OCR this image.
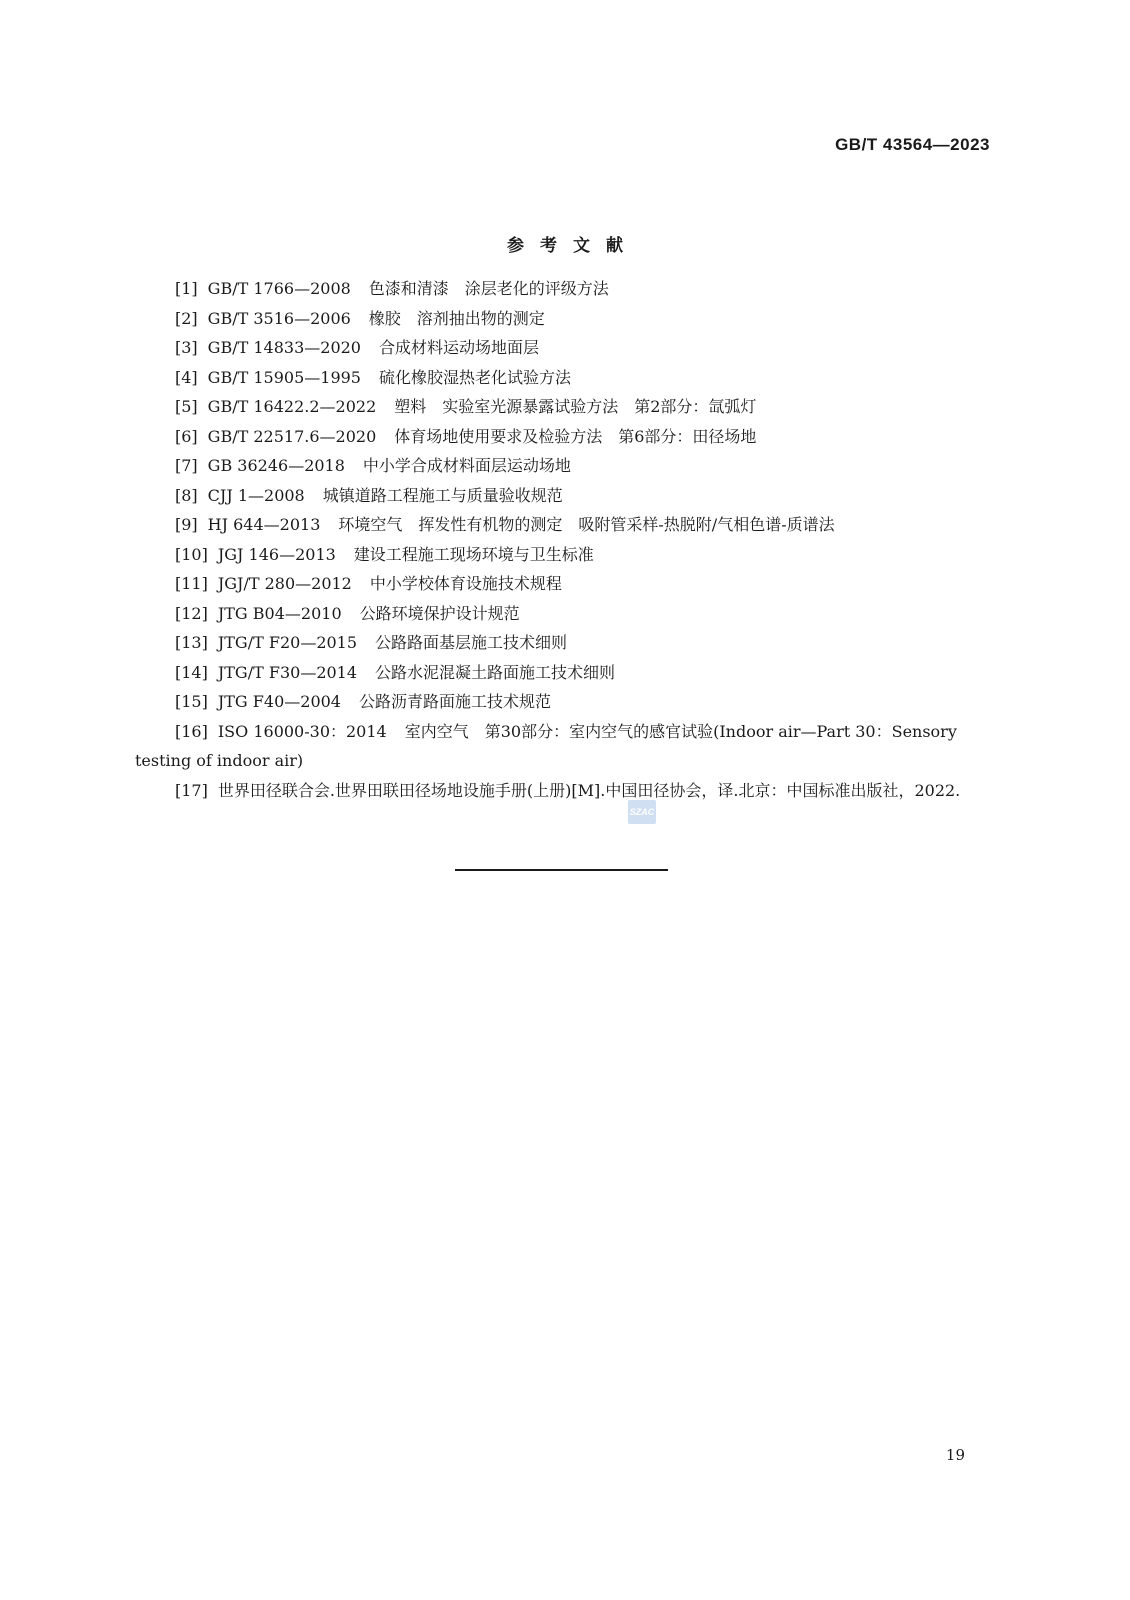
GB/T 43564—2023
参考文献
[1] GB/T 1766—2008 色漆和清漆　涂层老化的评级方法
[2] GB/T 3516—2006 橡胶　溶剂抽出物的测定
[3] GB/T 14833—2020 合成材料运动场地面层
[4] GB/T 15905—1995 硫化橡胶湿热老化试验方法
[5] GB/T 16422.2—2022 塑料　实验室光源暴露试验方法　第2部分：氙弧灯
[6] GB/T 22517.6—2020 体育场地使用要求及检验方法　第6部分：田径场地
[7] GB 36246—2018 中小学合成材料面层运动场地
[8] CJJ 1—2008 城镇道路工程施工与质量验收规范
[9] HJ 644—2013 环境空气　挥发性有机物的测定　吸附管采样-热脱附/气相色谱-质谱法
[10] JGJ 146—2013 建设工程施工现场环境与卫生标准
[11] JGJ/T 280—2012 中小学校体育设施技术规程
[12] JTG B04—2010 公路环境保护设计规范
[13] JTG/T F20—2015 公路路面基层施工技术细则
[14] JTG/T F30—2014 公路水泥混凝土路面施工技术细则
[15] JTG F40—2004 公路沥青路面施工技术规范
[16] ISO 16000-30：2014 室内空气　第30部分：室内空气的感官试验(Indoor air—Part 30：Sensory testing of indoor air)
[17] 世界田径联合会.世界田联田径场地设施手册(上册)[M].中国田径协会，译.北京：中国标准出版社，2022.
SZAC
19
